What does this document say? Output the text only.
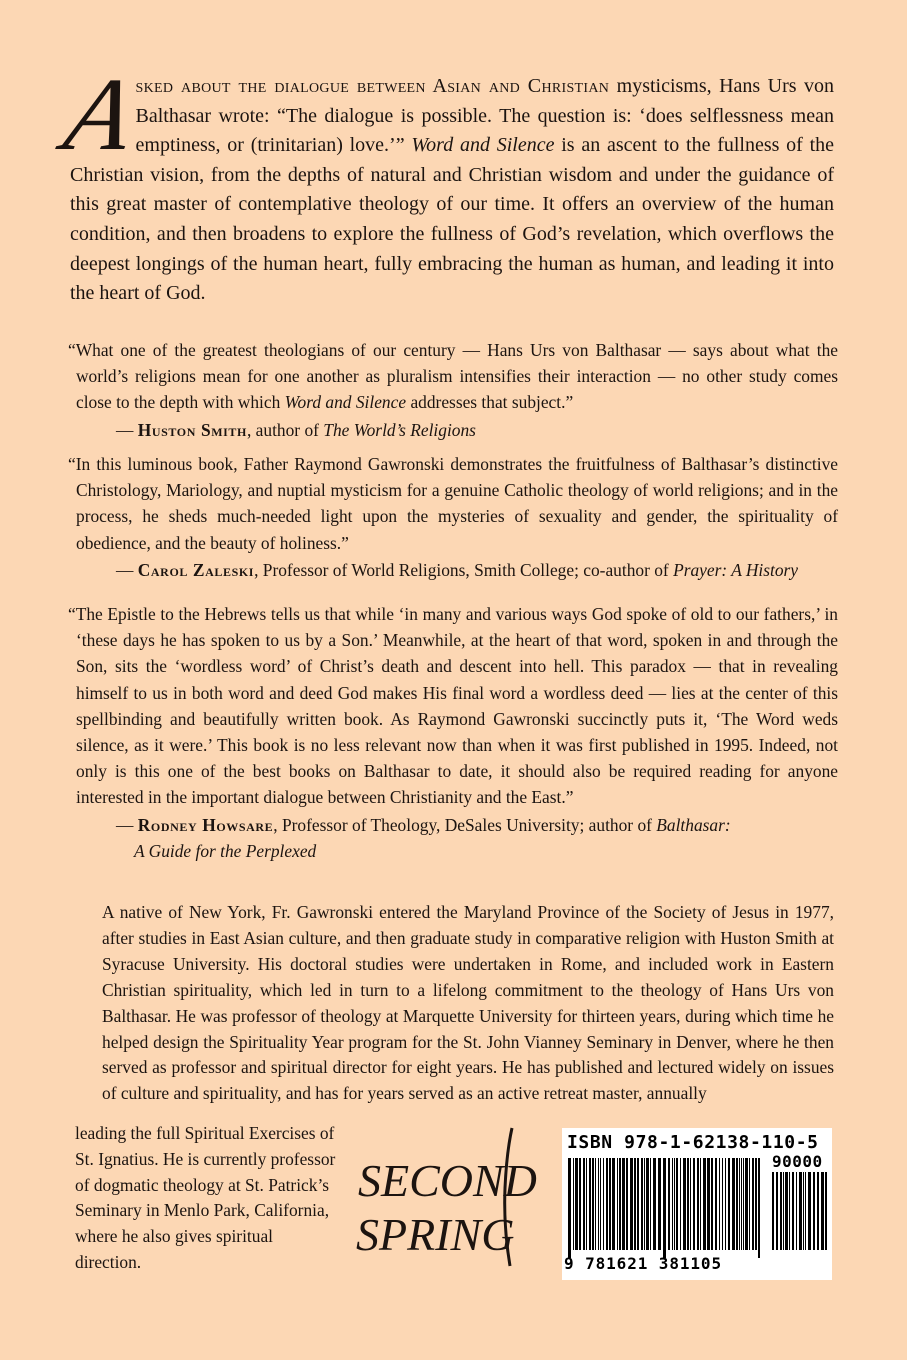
A
sked about the dialogue between Asian and Christian mysticisms, Hans Urs von Balthasar wrote: “The dialogue is possible. The question is: ‘does selflessness mean emptiness, or (trinitarian) love.’” Word and Silence is an ascent to the fullness of the Christian vision, from the depths of natural and Christian wisdom and under the guidance of this great master of contemplative theology of our time. It offers an overview of the human condition, and then broadens to explore the fullness of God’s revelation, which overflows the deepest longings of the human heart, fully embracing the human as human, and leading it into the heart of God.
“What one of the greatest theologians of our century — Hans Urs von Balthasar — says about what the world’s religions mean for one another as pluralism intensifies their interaction — no other study comes close to the depth with which Word and Silence addresses that subject.”
— Huston Smith, author of The World’s Religions
“In this luminous book, Father Raymond Gawronski demonstrates the fruitfulness of Balthasar’s distinctive Christology, Mariology, and nuptial mysticism for a genuine Catholic theology of world religions; and in the process, he sheds much-needed light upon the mysteries of sexuality and gender, the spirituality of obedience, and the beauty of holiness.”
— Carol Zaleski, Professor of World Religions, Smith College; co-author of Prayer: A History
“The Epistle to the Hebrews tells us that while ‘in many and various ways God spoke of old to our fathers,’ in ‘these days he has spoken to us by a Son.’ Meanwhile, at the heart of that word, spoken in and through the Son, sits the ‘wordless word’ of Christ’s death and descent into hell. This paradox — that in revealing himself to us in both word and deed God makes His final word a wordless deed — lies at the center of this spellbinding and beautifully written book. As Raymond Gawronski succinctly puts it, ‘The Word weds silence, as it were.’ This book is no less relevant now than when it was first published in 1995. Indeed, not only is this one of the best books on Balthasar to date, it should also be required reading for anyone interested in the important dialogue between Christianity and the East.”
— Rodney Howsare, Professor of Theology, DeSales University; author of Balthasar:
A Guide for the Perplexed
A native of New York, Fr. Gawronski entered the Maryland Province of the Society of Jesus in 1977, after studies in East Asian culture, and then graduate study in comparative religion with Huston Smith at Syracuse University. His doctoral studies were undertaken in Rome, and included work in Eastern Christian spirituality, which led in turn to a lifelong commitment to the theology of Hans Urs von Balthasar. He was professor of theology at Marquette University for thirteen years, during which time he helped design the Spirituality Year program for the St. John Vianney Seminary in Denver, where he then served as professor and spiritual director for eight years. He has published and lectured widely on issues of culture and spirituality, and has for years served as an active retreat master, annually
leading the full Spiritual Exercises of St. Ignatius. He is currently professor of dogmatic theology at St. Patrick’s Seminary in Menlo Park, California, where he also gives spiritual direction.
SECOND
SPRING
ISBN 978-1-62138-110-5
90000
9 781621 381105
